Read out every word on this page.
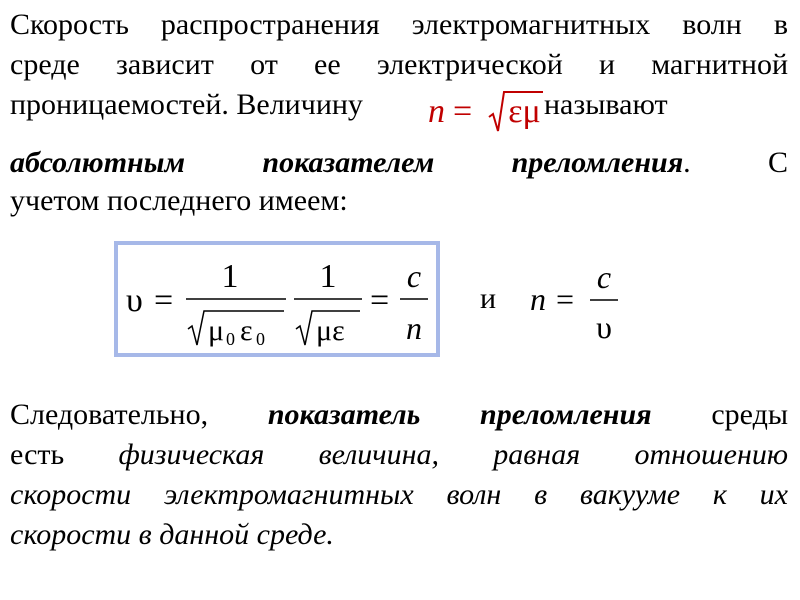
Скорость распространения электромагнитных волн в

среде зависит от ее электрической и магнитной

проницаемостей. Величину	называют

n = εμ

абсолютным показателем преломления. С

учетом последнего имеем:

υ =
1
μ 0 ε 0
1
με
=
c
n
и n =
c
υ

Следовательно, показатель преломления среды

есть физическая величина, равная отношению

скорости электромагнитных волн в вакууме к их

скорости в данной среде.
